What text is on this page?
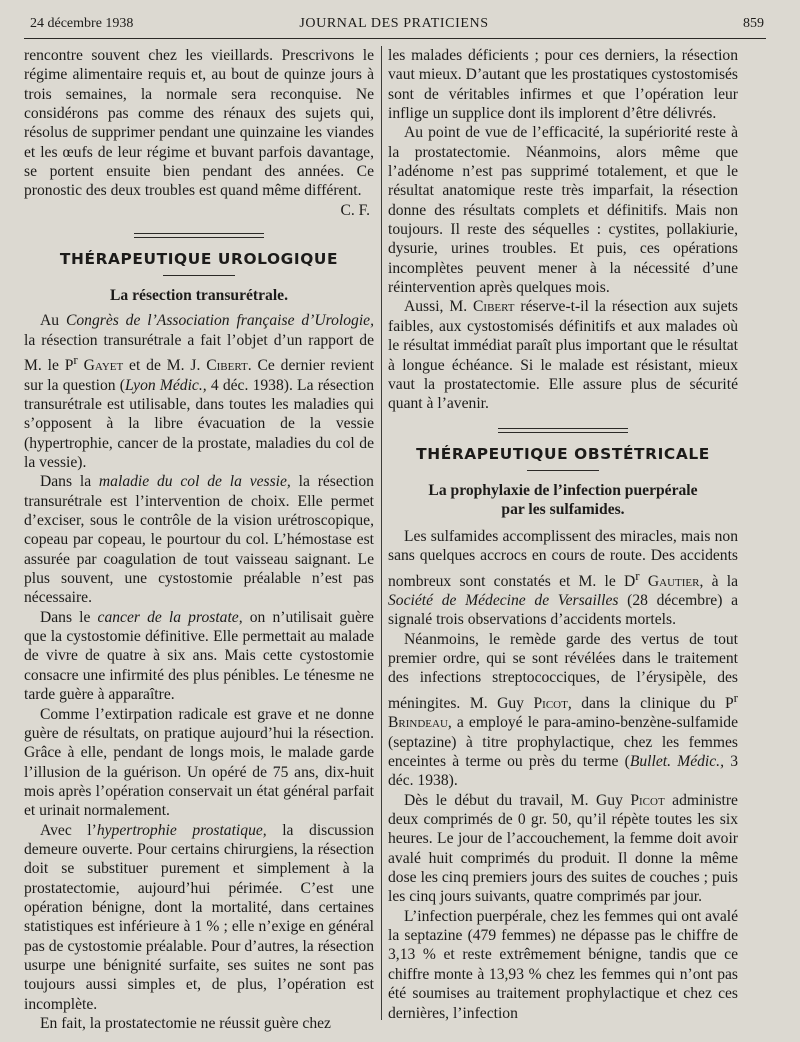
24 décembre 1938	JOURNAL DES PRATICIENS	859

rencontre souvent chez les vieillards. Prescrivons le régime alimentaire requis et, au bout de quinze jours à trois semaines, la normale sera reconquise. Ne considérons pas comme des rénaux des sujets qui, résolus de supprimer pendant une quinzaine les viandes et les œufs de leur régime et buvant parfois davantage, se portent ensuite bien pendant des années. Ce pronostic des deux troubles est quand même différent.

C. F.

THÉRAPEUTIQUE UROLOGIQUE

La résection transurétrale.

Au Congrès de l’Association française d’Urologie, la résection transurétrale a fait l’objet d’un rapport de M. le $P^r$ Gayet et de M. J. Cibert. Ce dernier revient sur la question (Lyon Médic., 4 déc. 1938). La résection transurétrale est utilisable, dans toutes les maladies qui s’opposent à la libre évacuation de la vessie (hypertrophie, cancer de la prostate, maladies du col de la vessie).

Dans la maladie du col de la vessie, la résection transurétrale est l’intervention de choix. Elle permet d’exciser, sous le contrôle de la vision urétroscopique, copeau par copeau, le pourtour du col. L’hémostase est assurée par coagulation de tout vaisseau saignant. Le plus souvent, une cystostomie préalable n’est pas nécessaire.

Dans le cancer de la prostate, on n’utilisait guère que la cystostomie définitive. Elle permettait au malade de vivre de quatre à six ans. Mais cette cystostomie consacre une infirmité des plus pénibles. Le ténesme ne tarde guère à apparaître.

Comme l’extirpation radicale est grave et ne donne guère de résultats, on pratique aujourd’hui la résection. Grâce à elle, pendant de longs mois, le malade garde l’illusion de la guérison. Un opéré de 75 ans, dix-huit mois après l’opération conservait un état général parfait et urinait normalement.

Avec l’hypertrophie prostatique, la discussion demeure ouverte. Pour certains chirurgiens, la résection doit se substituer purement et simplement à la prostatectomie, aujourd’hui périmée. C’est une opération bénigne, dont la mortalité, dans certaines statistiques est inférieure à 1 % ; elle n’exige en général pas de cystostomie préalable. Pour d’autres, la résection usurpe une bénignité surfaite, ses suites ne sont pas toujours aussi simples et, de plus, l’opération est incomplète.

En fait, la prostatectomie ne réussit guère chez

les malades déficients ; pour ces derniers, la résection vaut mieux. D’autant que les prostatiques cystostomisés sont de véritables infirmes et que l’opération leur inflige un supplice dont ils implorent d’être délivrés.

Au point de vue de l’efficacité, la supériorité reste à la prostatectomie. Néanmoins, alors même que l’adénome n’est pas supprimé totalement, et que le résultat anatomique reste très imparfait, la résection donne des résultats complets et définitifs. Mais non toujours. Il reste des séquelles : cystites, pollakiurie, dysurie, urines troubles. Et puis, ces opérations incomplètes peuvent mener à la nécessité d’une réintervention après quelques mois.

Aussi, M. Cibert réserve-t-il la résection aux sujets faibles, aux cystostomisés définitifs et aux malades où le résultat immédiat paraît plus important que le résultat à longue échéance. Si le malade est résistant, mieux vaut la prostatectomie. Elle assure plus de sécurité quant à l’avenir.

THÉRAPEUTIQUE OBSTÉTRICALE

La prophylaxie de l’infection puerpérale
par les sulfamides.

Les sulfamides accomplissent des miracles, mais non sans quelques accrocs en cours de route. Des accidents nombreux sont constatés et M. le $D^r$ Gautier, à la Société de Médecine de Versailles (28 décembre) a signalé trois observations d’accidents mortels.

Néanmoins, le remède garde des vertus de tout premier ordre, qui se sont révélées dans le traitement des infections streptococciques, de l’érysipèle, des méningites. M. Guy Picot, dans la clinique du $P^r$ Brindeau, a employé le para-amino-benzène-sulfamide (septazine) à titre prophylactique, chez les femmes enceintes à terme ou près du terme (Bullet. Médic., 3 déc. 1938).

Dès le début du travail, M. Guy Picot administre deux comprimés de 0 gr. 50, qu’il répète toutes les six heures. Le jour de l’accouchement, la femme doit avoir avalé huit comprimés du produit. Il donne la même dose les cinq premiers jours des suites de couches ; puis les cinq jours suivants, quatre comprimés par jour.

L’infection puerpérale, chez les femmes qui ont avalé la septazine (479 femmes) ne dépasse pas le chiffre de 3,13 % et reste extrêmement bénigne, tandis que ce chiffre monte à 13,93 % chez les femmes qui n’ont pas été soumises au traitement prophylactique et chez ces dernières, l’infection
